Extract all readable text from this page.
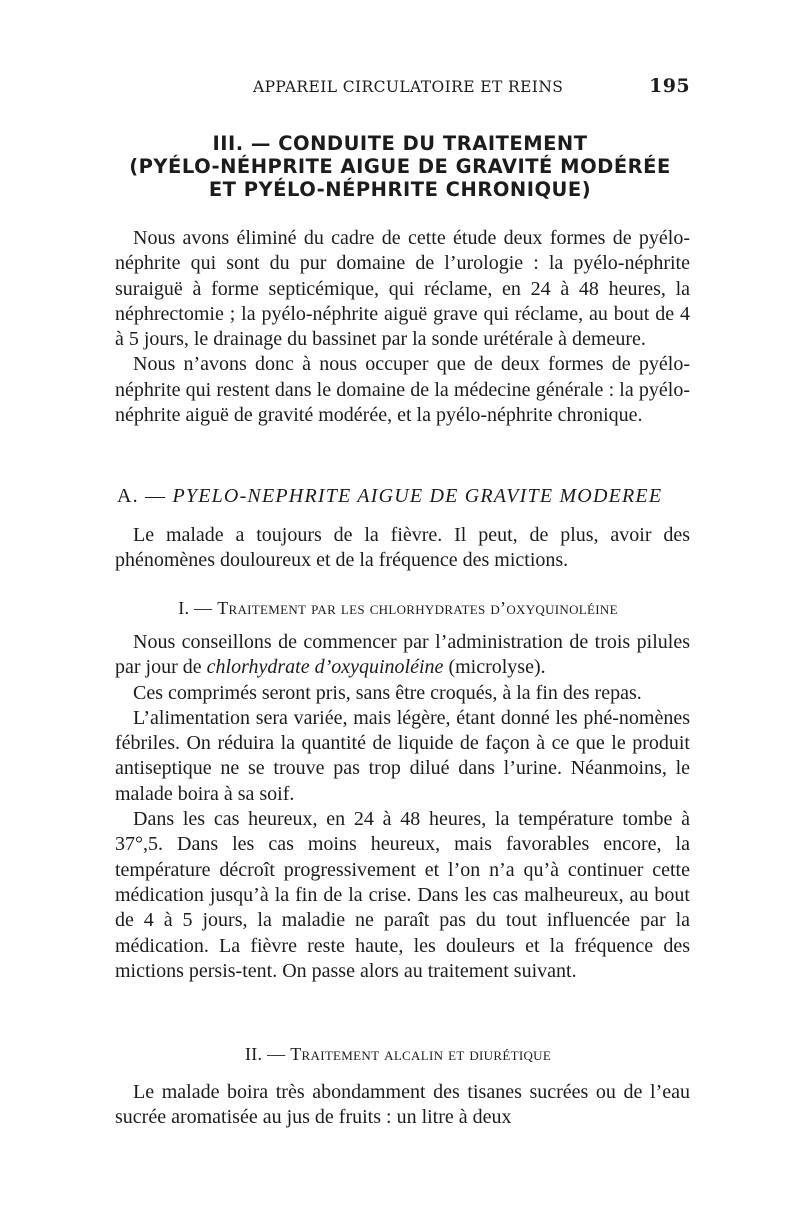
APPAREIL CIRCULATOIRE ET REINS	195
III. — CONDUITE DU TRAITEMENT
(PYÉLO-NÉHPRITE AIGUE DE GRAVITÉ MODÉRÉE
ET PYÉLO-NÉPHRITE CHRONIQUE)

Nous avons éliminé du cadre de cette étude deux formes de pyélo-néphrite qui sont du pur domaine de l’urologie : la pyélo-néphrite suraiguë à forme septicémique, qui réclame, en 24 à 48 heures, la néphrectomie ; la pyélo-néphrite aiguë grave qui réclame, au bout de 4 à 5 jours, le drainage du bassinet par la sonde urétérale à demeure.

Nous n’avons donc à nous occuper que de deux formes de pyélo-néphrite qui restent dans le domaine de la médecine générale : la pyélo-néphrite aiguë de gravité modérée, et la pyélo-néphrite chronique.

A. — PYELO-NEPHRITE AIGUE DE GRAVITE MODEREE

Le malade a toujours de la fièvre. Il peut, de plus, avoir des phénomènes douloureux et de la fréquence des mictions.

I. — Traitement par les chlorhydrates d’oxyquinoléine

Nous conseillons de commencer par l’administration de trois pilules par jour de chlorhydrate d’oxyquinoléine (microlyse).

Ces comprimés seront pris, sans être croqués, à la fin des repas.

L’alimentation sera variée, mais légère, étant donné les phé-nomènes fébriles. On réduira la quantité de liquide de façon à ce que le produit antiseptique ne se trouve pas trop dilué dans l’urine. Néanmoins, le malade boira à sa soif.

Dans les cas heureux, en 24 à 48 heures, la température tombe à 37°,5. Dans les cas moins heureux, mais favorables encore, la température décroît progressivement et l’on n’a qu’à continuer cette médication jusqu’à la fin de la crise. Dans les cas malheureux, au bout de 4 à 5 jours, la maladie ne paraît pas du tout influencée par la médication. La fièvre reste haute, les douleurs et la fréquence des mictions persis-tent. On passe alors au traitement suivant.

II. — Traitement alcalin et diurétique

Le malade boira très abondamment des tisanes sucrées ou de l’eau sucrée aromatisée au jus de fruits : un litre à deux
